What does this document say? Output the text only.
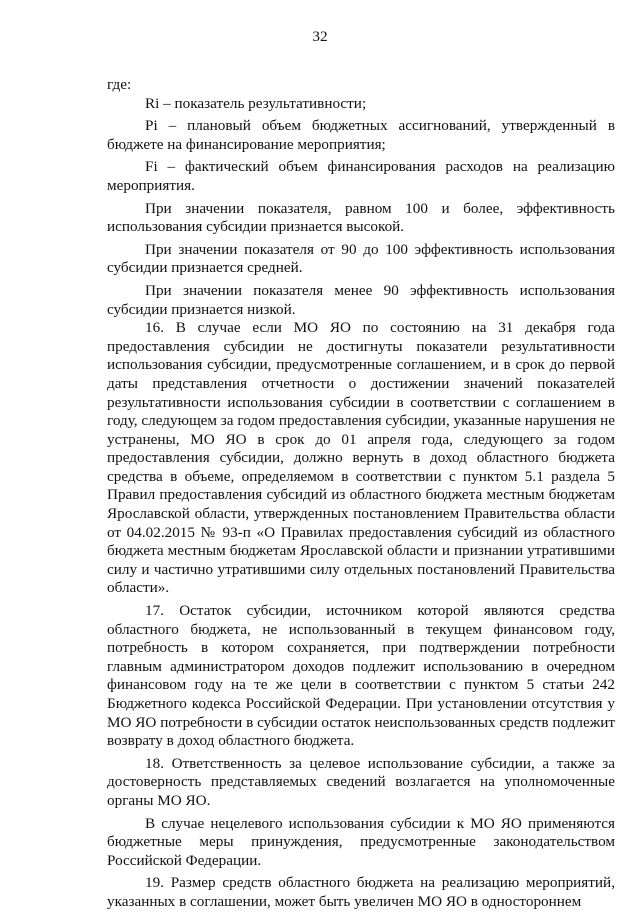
32

где:

Ri – показатель результативности;

Pi – плановый объем бюджетных ассигнований, утвержденный в бюджете на финансирование мероприятия;

Fi – фактический объем финансирования расходов на реализацию мероприятия.

При значении показателя, равном 100 и более, эффективность использования субсидии признается высокой.

При значении показателя от 90 до 100 эффективность использования субсидии признается средней.

При значении показателя менее 90 эффективность использования субсидии признается низкой.

16. В случае если МО ЯО по состоянию на 31 декабря года предоставления субсидии не достигнуты показатели результативности использования субсидии, предусмотренные соглашением, и в срок до первой даты представления отчетности о достижении значений показателей результативности использования субсидии в соответствии с соглашением в году, следующем за годом предоставления субсидии, указанные нарушения не устранены, МО ЯО в срок до 01 апреля года, следующего за годом предоставления субсидии, должно вернуть в доход областного бюджета средства в объеме, определяемом в соответствии с пунктом 5.1 раздела 5 Правил предоставления субсидий из областного бюджета местным бюджетам Ярославской области, утвержденных постановлением Правительства области от 04.02.2015 № 93-п «О Правилах предоставления субсидий из областного бюджета местным бюджетам Ярославской области и признании утратившими силу и частично утратившими силу отдельных постановлений Правительства области».

17. Остаток субсидии, источником которой являются средства областного бюджета, не использованный в текущем финансовом году, потребность в котором сохраняется, при подтверждении потребности главным администратором доходов подлежит использованию в очередном финансовом году на те же цели в соответствии с пунктом 5 статьи 242 Бюджетного кодекса Российской Федерации. При установлении отсутствия у МО ЯО потребности в субсидии остаток неиспользованных средств подлежит возврату в доход областного бюджета.

18. Ответственность за целевое использование субсидии, а также за достоверность представляемых сведений возлагается на уполномоченные органы МО ЯО.

В случае нецелевого использования субсидии к МО ЯО применяются бюджетные меры принуждения, предусмотренные законодательством Российской Федерации.

19. Размер средств областного бюджета на реализацию мероприятий, указанных в соглашении, может быть увеличен МО ЯО в одностороннем
